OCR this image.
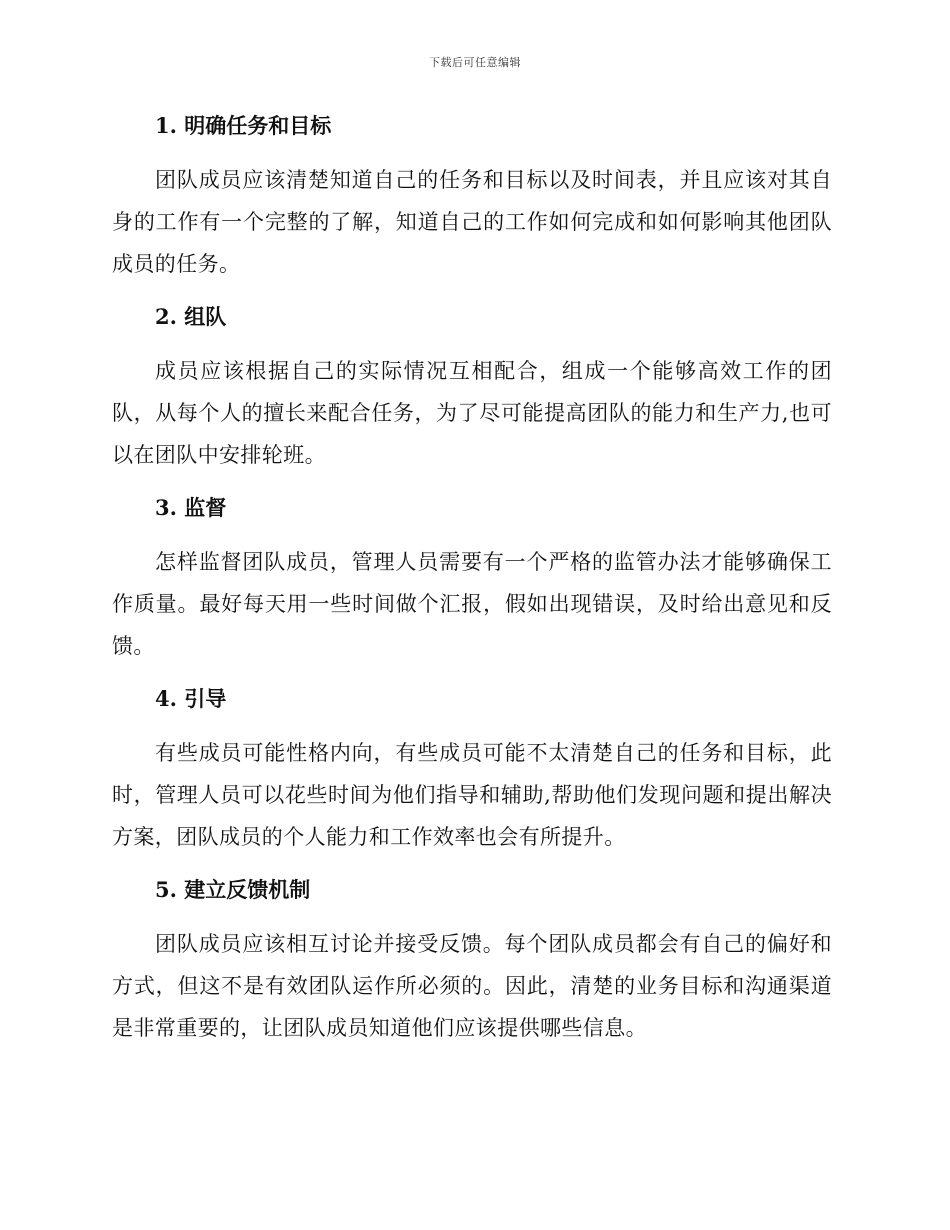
下载后可任意编辑
1. 明确任务和目标

团队成员应该清楚知道自己的任务和目标以及时间表，并且应该对其自身的工作有一个完整的了解，知道自己的工作如何完成和如何影响其他团队成员的任务。

2. 组队

成员应该根据自己的实际情况互相配合，组成一个能够高效工作的团队，从每个人的擅长来配合任务，为了尽可能提高团队的能力和生产力,也可以在团队中安排轮班。

3. 监督

怎样监督团队成员，管理人员需要有一个严格的监管办法才能够确保工作质量。最好每天用一些时间做个汇报，假如出现错误，及时给出意见和反馈。

4. 引导

有些成员可能性格内向，有些成员可能不太清楚自己的任务和目标，此时，管理人员可以花些时间为他们指导和辅助,帮助他们发现问题和提出解决方案，团队成员的个人能力和工作效率也会有所提升。

5. 建立反馈机制

团队成员应该相互讨论并接受反馈。每个团队成员都会有自己的偏好和方式，但这不是有效团队运作所必须的。因此，清楚的业务目标和沟通渠道是非常重要的，让团队成员知道他们应该提供哪些信息。
